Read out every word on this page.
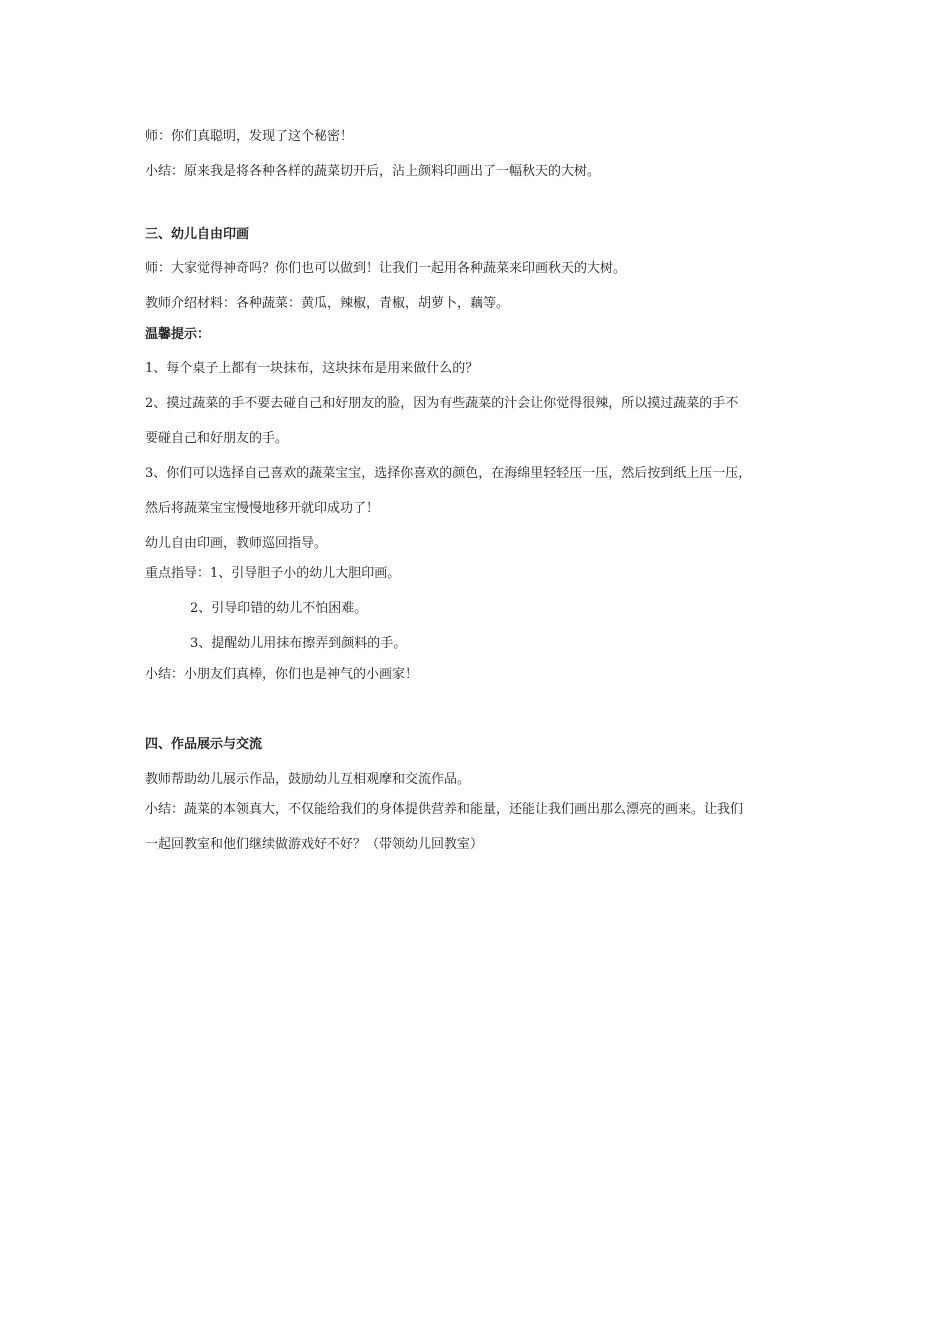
师：你们真聪明，发现了这个秘密！
小结：原来我是将各种各样的蔬菜切开后，沾上颜料印画出了一幅秋天的大树。
三、幼儿自由印画
师：大家觉得神奇吗？你们也可以做到！让我们一起用各种蔬菜来印画秋天的大树。
教师介绍材料：各种蔬菜：黄瓜，辣椒，青椒，胡萝卜，藕等。
温馨提示：
1、每个桌子上都有一块抹布，这块抹布是用来做什么的？
2、摸过蔬菜的手不要去碰自己和好朋友的脸，因为有些蔬菜的汁会让你觉得很辣，所以摸过蔬菜的手不
要碰自己和好朋友的手。
3、你们可以选择自己喜欢的蔬菜宝宝，选择你喜欢的颜色，在海绵里轻轻压一压，然后按到纸上压一压，
然后将蔬菜宝宝慢慢地移开就印成功了！
幼儿自由印画，教师巡回指导。
重点指导：1、引导胆子小的幼儿大胆印画。
2、引导印错的幼儿不怕困难。
3、提醒幼儿用抹布擦弄到颜料的手。
小结：小朋友们真棒，你们也是神气的小画家！
四、作品展示与交流
教师帮助幼儿展示作品，鼓励幼儿互相观摩和交流作品。
小结：蔬菜的本领真大，不仅能给我们的身体提供营养和能量，还能让我们画出那么漂亮的画来。让我们
一起回教室和他们继续做游戏好不好？（带领幼儿回教室）
